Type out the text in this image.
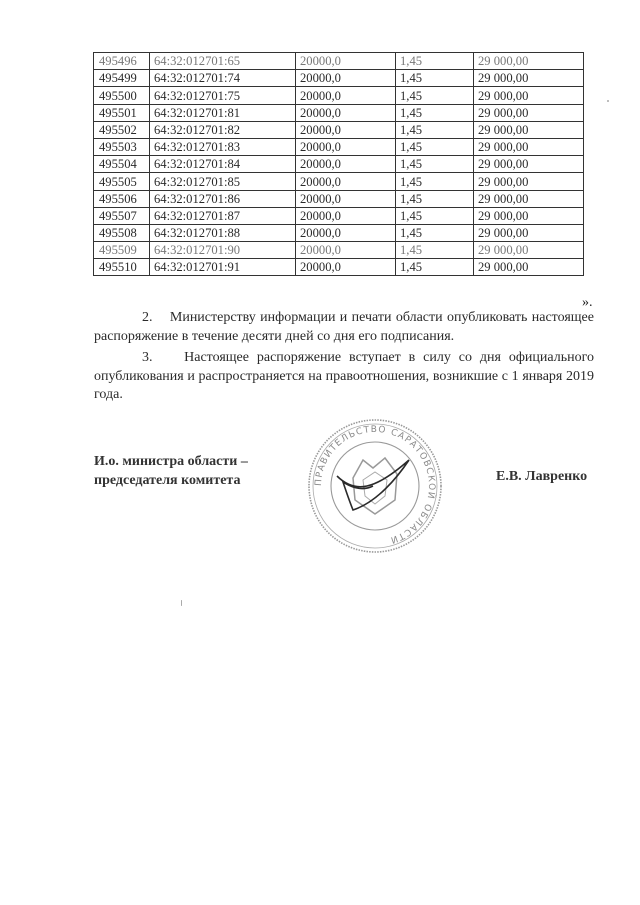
495496	64:32:012701:65	20000,0	1,45	29 000,00
495499	64:32:012701:74	20000,0	1,45	29 000,00
495500	64:32:012701:75	20000,0	1,45	29 000,00
495501	64:32:012701:81	20000,0	1,45	29 000,00
495502	64:32:012701:82	20000,0	1,45	29 000,00
495503	64:32:012701:83	20000,0	1,45	29 000,00
495504	64:32:012701:84	20000,0	1,45	29 000,00
495505	64:32:012701:85	20000,0	1,45	29 000,00
495506	64:32:012701:86	20000,0	1,45	29 000,00
495507	64:32:012701:87	20000,0	1,45	29 000,00
495508	64:32:012701:88	20000,0	1,45	29 000,00
495509	64:32:012701:90	20000,0	1,45	29 000,00
495510	64:32:012701:91	20000,0	1,45	29 000,00
».
2. Министерству информации и печати области опубликовать настоящее распоряжение в течение десяти дней со дня его подписания.
3. Настоящее распоряжение вступает в силу со дня официального опубликования и распространяется на правоотношения, возникшие с 1 января 2019 года.
И.о. министра области –
председателя комитета	ПРАВИТЕЛЬСТВО САРАТОВСКОЙ ОБЛАСТИ
Е.В. Лавренко
